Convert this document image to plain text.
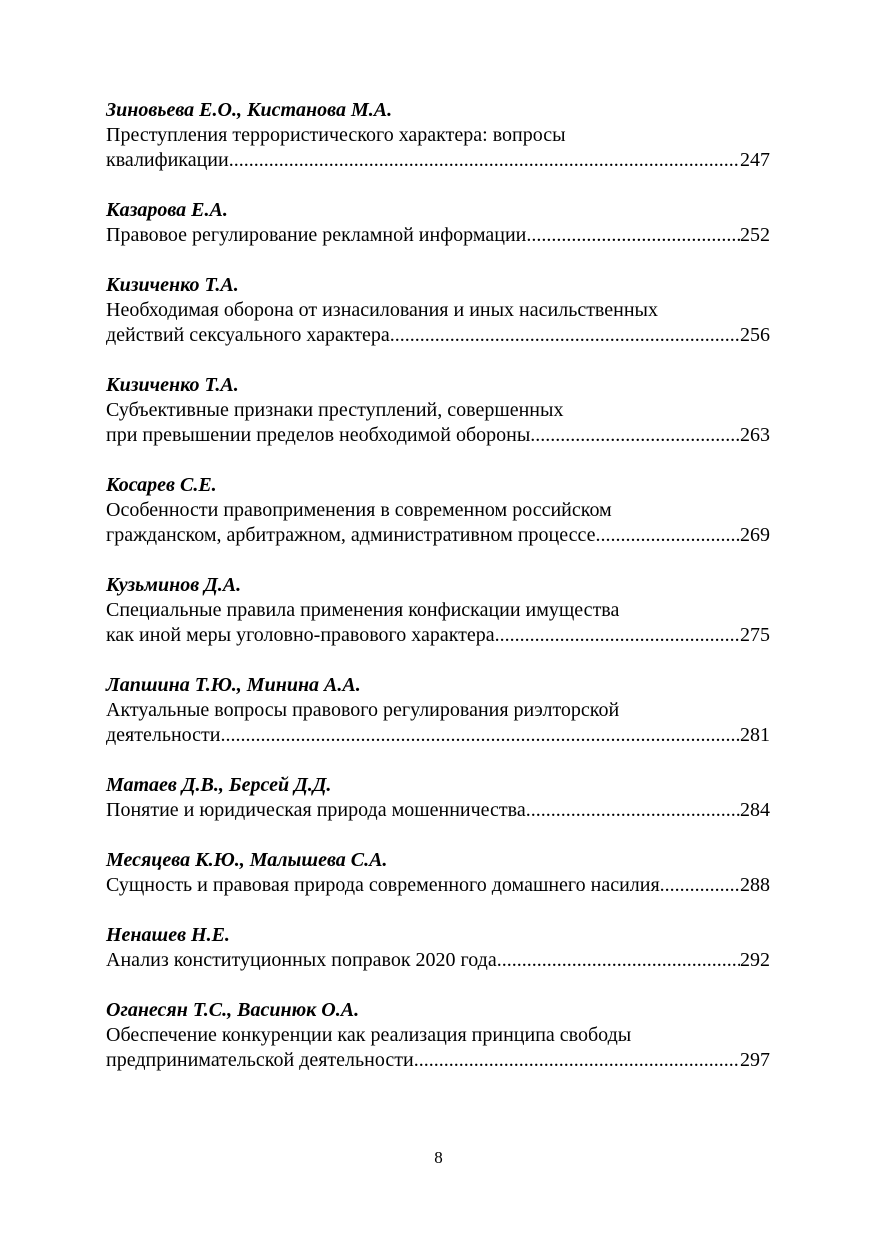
Зиновьева Е.О., Кистанова М.А.
Преступления террористического характера: вопросы
квалификации .....	247
Казарова Е.А.
Правовое регулирование рекламной информации .....	252
Кизиченко Т.А.
Необходимая оборона от изнасилования и иных насильственных
действий сексуального характера .....	256
Кизиченко Т.А.
Субъективные признаки преступлений, совершенных
при превышении пределов необходимой обороны .....	263
Косарев С.Е.
Особенности правоприменения в современном российском
гражданском, арбитражном, административном процессе .....	269
Кузьминов Д.А.
Специальные правила применения конфискации имущества
как иной меры уголовно-правового характера .....	275
Лапшина Т.Ю., Минина А.А.
Актуальные вопросы правового регулирования риэлторской
деятельности .....	281
Матаев Д.В., Берсей Д.Д.
Понятие и юридическая природа мошенничества .....	284
Месяцева К.Ю., Малышева С.А.
Сущность и правовая природа современного домашнего насилия .....	288
Ненашев Н.Е.
Анализ конституционных поправок 2020 года .....	292
Оганесян Т.С., Васинюк О.А.
Обеспечение конкуренции как реализация принципа свободы
предпринимательской деятельности .....	297
8
